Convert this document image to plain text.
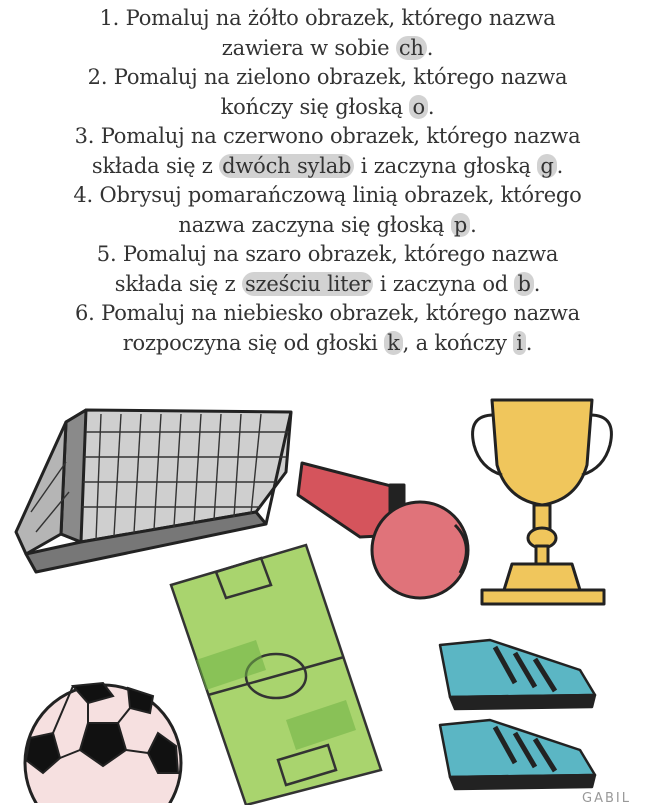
1. Pomaluj na żółto obrazek, którego nazwa
zawiera w sobie ch .
2. Pomaluj na zielono obrazek, którego nazwa
kończy się głoską o .
3. Pomaluj na czerwono obrazek, którego nazwa
składa się z dwóch sylab i zaczyna głoską g .
4. Obrysuj pomarańczową linią obrazek, którego
nazwa zaczyna się głoską p .
5. Pomaluj na szaro obrazek, którego nazwa
składa się z sześciu liter i zaczyna od b .
6. Pomaluj na niebiesko obrazek, którego nazwa
rozpoczyna się od głoski k , a kończy i .
GABIL
